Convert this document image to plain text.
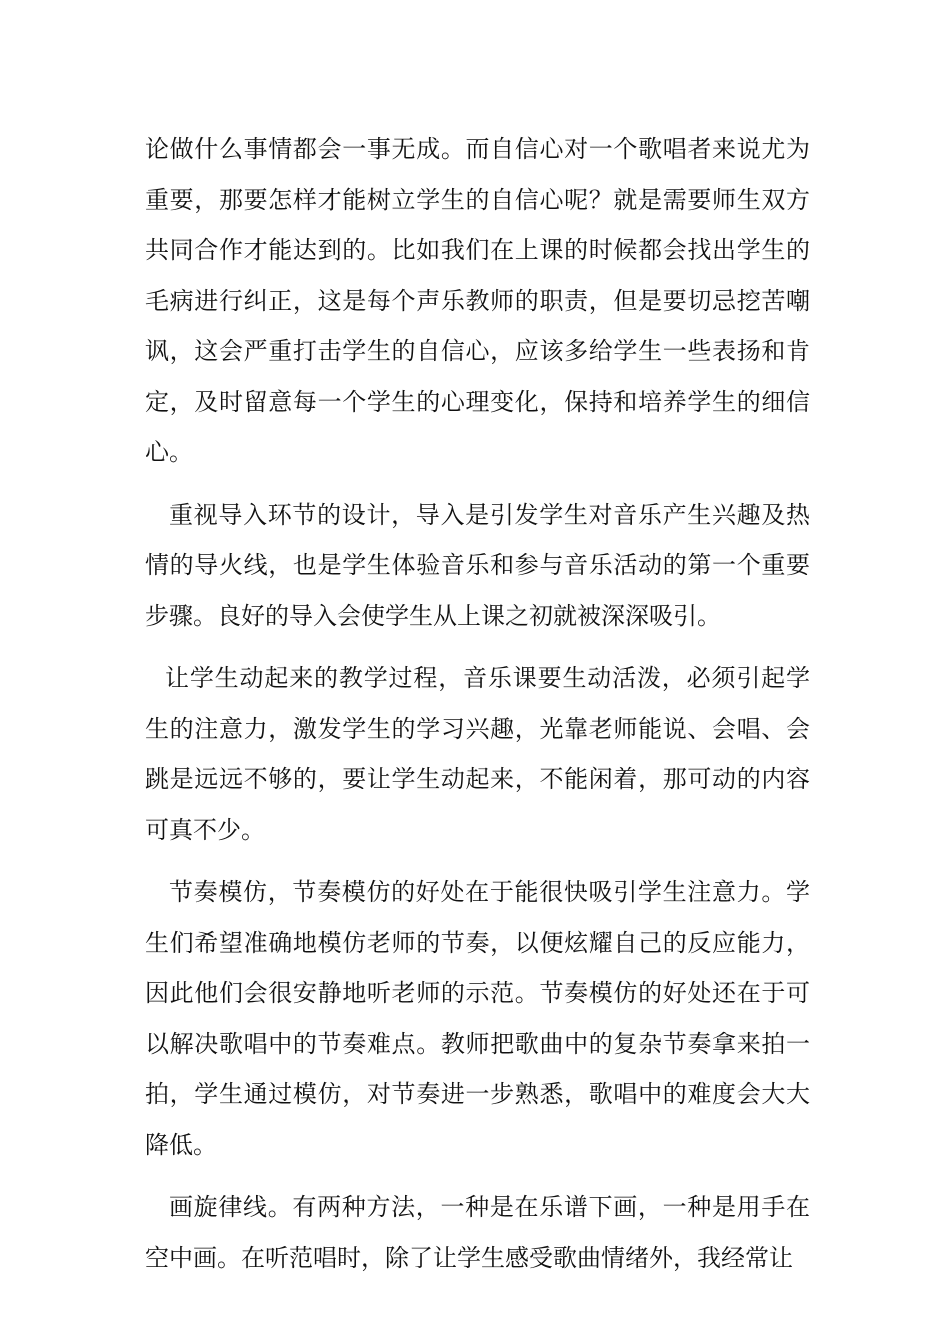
论做什么事情都会一事无成。而自信心对一个歌唱者来说尤为重要，那要怎样才能树立学生的自信心呢？就是需要师生双方共同合作才能达到的。比如我们在上课的时候都会找出学生的毛病进行纠正，这是每个声乐教师的职责，但是要切忌挖苦嘲讽，这会严重打击学生的自信心，应该多给学生一些表扬和肯定，及时留意每一个学生的心理变化，保持和培养学生的细信心。

重视导入环节的设计，导入是引发学生对音乐产生兴趣及热情的导火线，也是学生体验音乐和参与音乐活动的第一个重要步骤。良好的导入会使学生从上课之初就被深深吸引。

让学生动起来的教学过程，音乐课要生动活泼，必须引起学生的注意力，激发学生的学习兴趣，光靠老师能说、会唱、会跳是远远不够的，要让学生动起来，不能闲着，那可动的内容可真不少。

节奏模仿，节奏模仿的好处在于能很快吸引学生注意力。学生们希望准确地模仿老师的节奏，以便炫耀自己的反应能力，因此他们会很安静地听老师的示范。节奏模仿的好处还在于可以解决歌唱中的节奏难点。教师把歌曲中的复杂节奏拿来拍一拍，学生通过模仿，对节奏进一步熟悉，歌唱中的难度会大大降低。

画旋律线。有两种方法，一种是在乐谱下画，一种是用手在空中画。在听范唱时，除了让学生感受歌曲情绪外，我经常让
